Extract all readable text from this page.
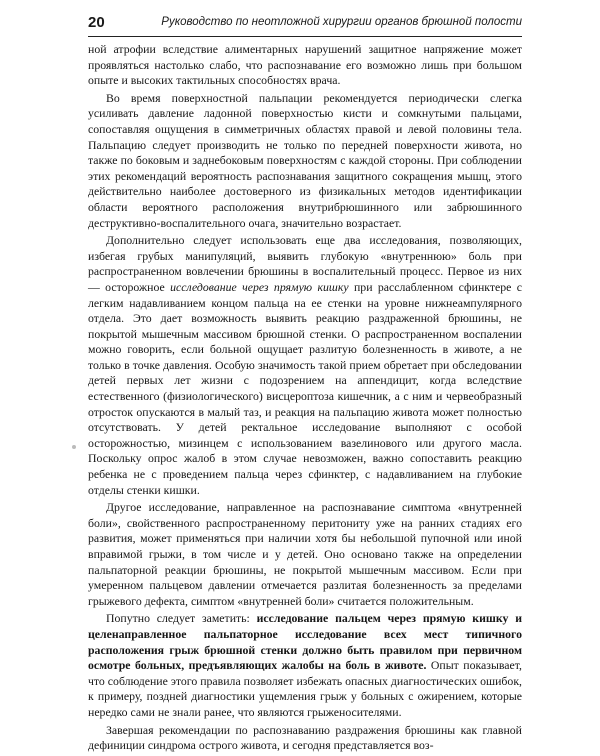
20	Руководство по неотложной хирургии органов брюшной полости

ной атрофии вследствие алиментарных нарушений защитное напряжение может проявляться настолько слабо, что распознавание его возможно лишь при большом опыте и высоких тактильных способностях врача.

Во время поверхностной пальпации рекомендуется периодически слегка усиливать давление ладонной поверхностью кисти и сомкнутыми пальцами, сопоставляя ощущения в симметричных областях правой и левой половины тела. Пальпацию следует производить не только по передней поверхности живота, но также по боковым и заднебоковым поверхностям с каждой стороны. При соблюдении этих рекомендаций вероятность распознавания защитного сокращения мышц, этого действительно наиболее достоверного из физикальных методов идентификации области вероятного расположения внутрибрюшинного или забрюшинного деструктивно-воспалительного очага, значительно возрастает.

Дополнительно следует использовать еще два исследования, позволяющих, избегая грубых манипуляций, выявить глубокую «внутреннюю» боль при распространенном вовлечении брюшины в воспалительный процесс. Первое из них — осторожное исследование через прямую кишку при расслабленном сфинктере с легким надавливанием концом пальца на ее стенки на уровне нижнеампулярного отдела. Это дает возможность выявить реакцию раздраженной брюшины, не покрытой мышечным массивом брюшной стенки. О распространенном воспалении можно говорить, если больной ощущает разлитую болезненность в животе, а не только в точке давления. Особую значимость такой прием обретает при обследовании детей первых лет жизни с подозрением на аппендицит, когда вследствие естественного (физиологического) висцероптоза кишечник, а с ним и червеобразный отросток опускаются в малый таз, и реакция на пальпацию живота может полностью отсутствовать. У детей ректальное исследование выполняют с особой осторожностью, мизинцем с использованием вазелинового или другого масла. Поскольку опрос жалоб в этом случае невозможен, важно сопоставить реакцию ребенка не с проведением пальца через сфинктер, с надавливанием на глубокие отделы стенки кишки.

Другое исследование, направленное на распознавание симптома «внутренней боли», свойственного распространенному перитониту уже на ранних стадиях его развития, может применяться при наличии хотя бы небольшой пупочной или иной вправимой грыжи, в том числе и у детей. Оно основано также на определении пальпаторной реакции брюшины, не покрытой мышечным массивом. Если при умеренном пальцевом давлении отмечается разлитая болезненность за пределами грыжевого дефекта, симптом «внутренней боли» считается положительным.

Попутно следует заметить: исследование пальцем через прямую кишку и целенаправленное пальпаторное исследование всех мест типичного расположения грыж брюшной стенки должно быть правилом при первичном осмотре больных, предъявляющих жалобы на боль в животе. Опыт показывает, что соблюдение этого правила позволяет избежать опасных диагностических ошибок, к примеру, поздней диагностики ущемления грыж у больных с ожирением, которые нередко сами не знали ранее, что являются грыженосителями.

Завершая рекомендации по распознаванию раздражения брюшины как главной дефиниции синдрома острого живота, и сегодня представляется воз-
